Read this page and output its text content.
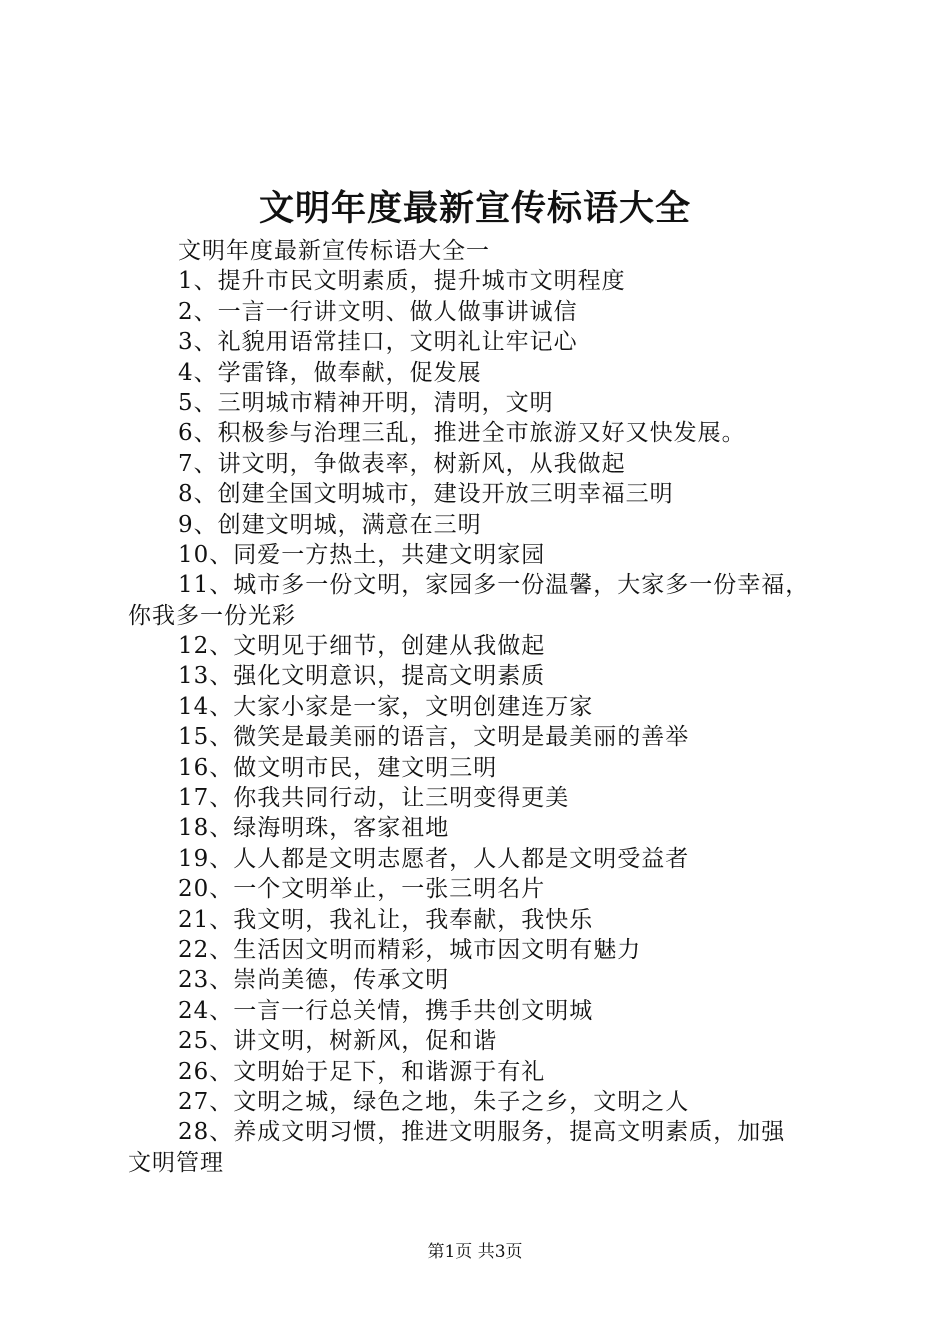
文明年度最新宣传标语大全
文明年度最新宣传标语大全一
1、提升市民文明素质，提升城市文明程度
2、一言一行讲文明、做人做事讲诚信
3、礼貌用语常挂口，文明礼让牢记心
4、学雷锋，做奉献，促发展
5、三明城市精神开明，清明，文明
6、积极参与治理三乱，推进全市旅游又好又快发展。
7、讲文明，争做表率，树新风，从我做起
8、创建全国文明城市，建设开放三明幸福三明
9、创建文明城，满意在三明
10、同爱一方热土，共建文明家园
11、城市多一份文明，家园多一份温馨，大家多一份幸福，
你我多一份光彩
12、文明见于细节，创建从我做起
13、强化文明意识，提高文明素质
14、大家小家是一家，文明创建连万家
15、微笑是最美丽的语言，文明是最美丽的善举
16、做文明市民，建文明三明
17、你我共同行动，让三明变得更美
18、绿海明珠，客家祖地
19、人人都是文明志愿者，人人都是文明受益者
20、一个文明举止，一张三明名片
21、我文明，我礼让，我奉献，我快乐
22、生活因文明而精彩，城市因文明有魅力
23、崇尚美德，传承文明
24、一言一行总关情，携手共创文明城
25、讲文明，树新风，促和谐
26、文明始于足下，和谐源于有礼
27、文明之城，绿色之地，朱子之乡，文明之人
28、养成文明习惯，推进文明服务，提高文明素质，加强
文明管理
第1页 共3页
